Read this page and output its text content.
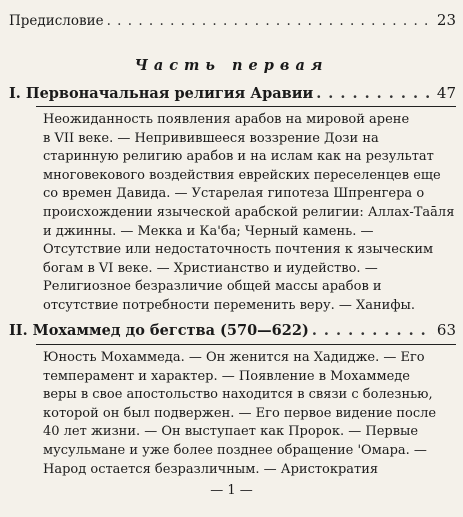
Предисловие . . .	23
Часть первая
I. Первоначальная религия Аравии . . .	47
Неожиданность появления арабов на мировой арене
в VII веке. — Непривившееся воззрение Дози на
старинную религию арабов и на ислам как на результат
многовекового воздействия еврейских переселенцев еще
со времен Давида. — Устарелая гипотеза Шпренгера о
происхождении языческой арабской религии: Аллах-Таāля
и джинны. — Мекка и Ка'ба; Черный камень. —
Отсутствие или недостаточность почтения к языческим
богам в VI веке. — Христианство и иудейство. —
Религиозное безразличие общей массы арабов и
отсутствие потребности переменить веру. — Ханифы.
II. Мохаммед до бегства (570—622) . . .	63
Юность Мохаммеда. — Он женится на Хадидже. — Его
темперамент и характер. — Появление в Мохаммеде
веры в свое апостольство находится в связи с болезнью,
которой он был подвержен. — Его первое видение после
40 лет жизни. — Он выступает как Пророк. — Первые
мусульмане и уже более позднее обращение 'Омара. —
Народ остается безразличным. — Аристократия
— 1 —
